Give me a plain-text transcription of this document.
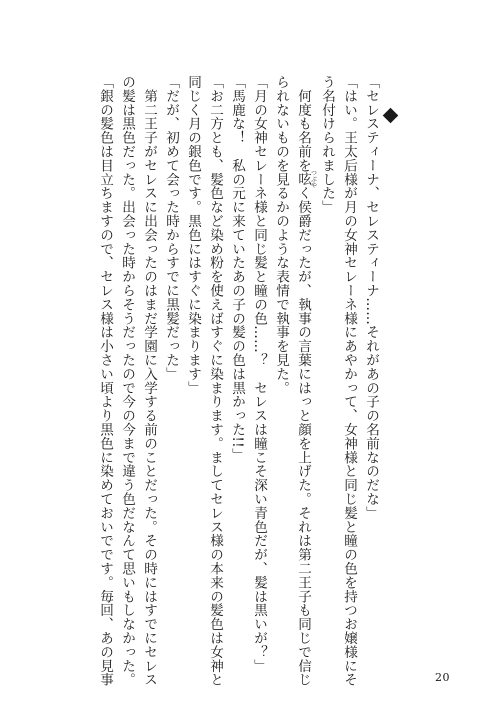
「セレスティーナ、セレスティーナ……それがあの子の名前なのだな」
「はい。王太后様が月の女神セレーネ様にあやかって、女神様と同じ髪と瞳の色を持つお嬢様にそ
う名付けられました」
　何度も名前を呟つぶやく侯爵だったが、執事の言葉にはっと顔を上げた。それは第二王子も同じで信じ
られないものを見るかのような表情で執事を見た。
「月の女神セレーネ様と同じ髪と瞳の色……？　セレスは瞳こそ深い青色だが、髪は黒いが？」
「馬鹿な！　私の元に来ていたあの子の髪の色は黒かった!!」
「お二方とも、髪色など染め粉を使えばすぐに染まります。ましてセレス様の本来の髪色は女神と
同じく月の銀色です。黒色にはすぐに染まります」
「だが、初めて会った時からすでに黒髪だった」
　第二王子がセレスに出会ったのはまだ学園に入学する前のことだった。その時にはすでにセレス
の髪は黒色だった。出会った時からそうだったので今の今まで違う色だなんて思いもしなかった。
「銀の髪色は目立ちますので、セレス様は小さい頃より黒色に染めておいでです。毎回、あの見事	20
